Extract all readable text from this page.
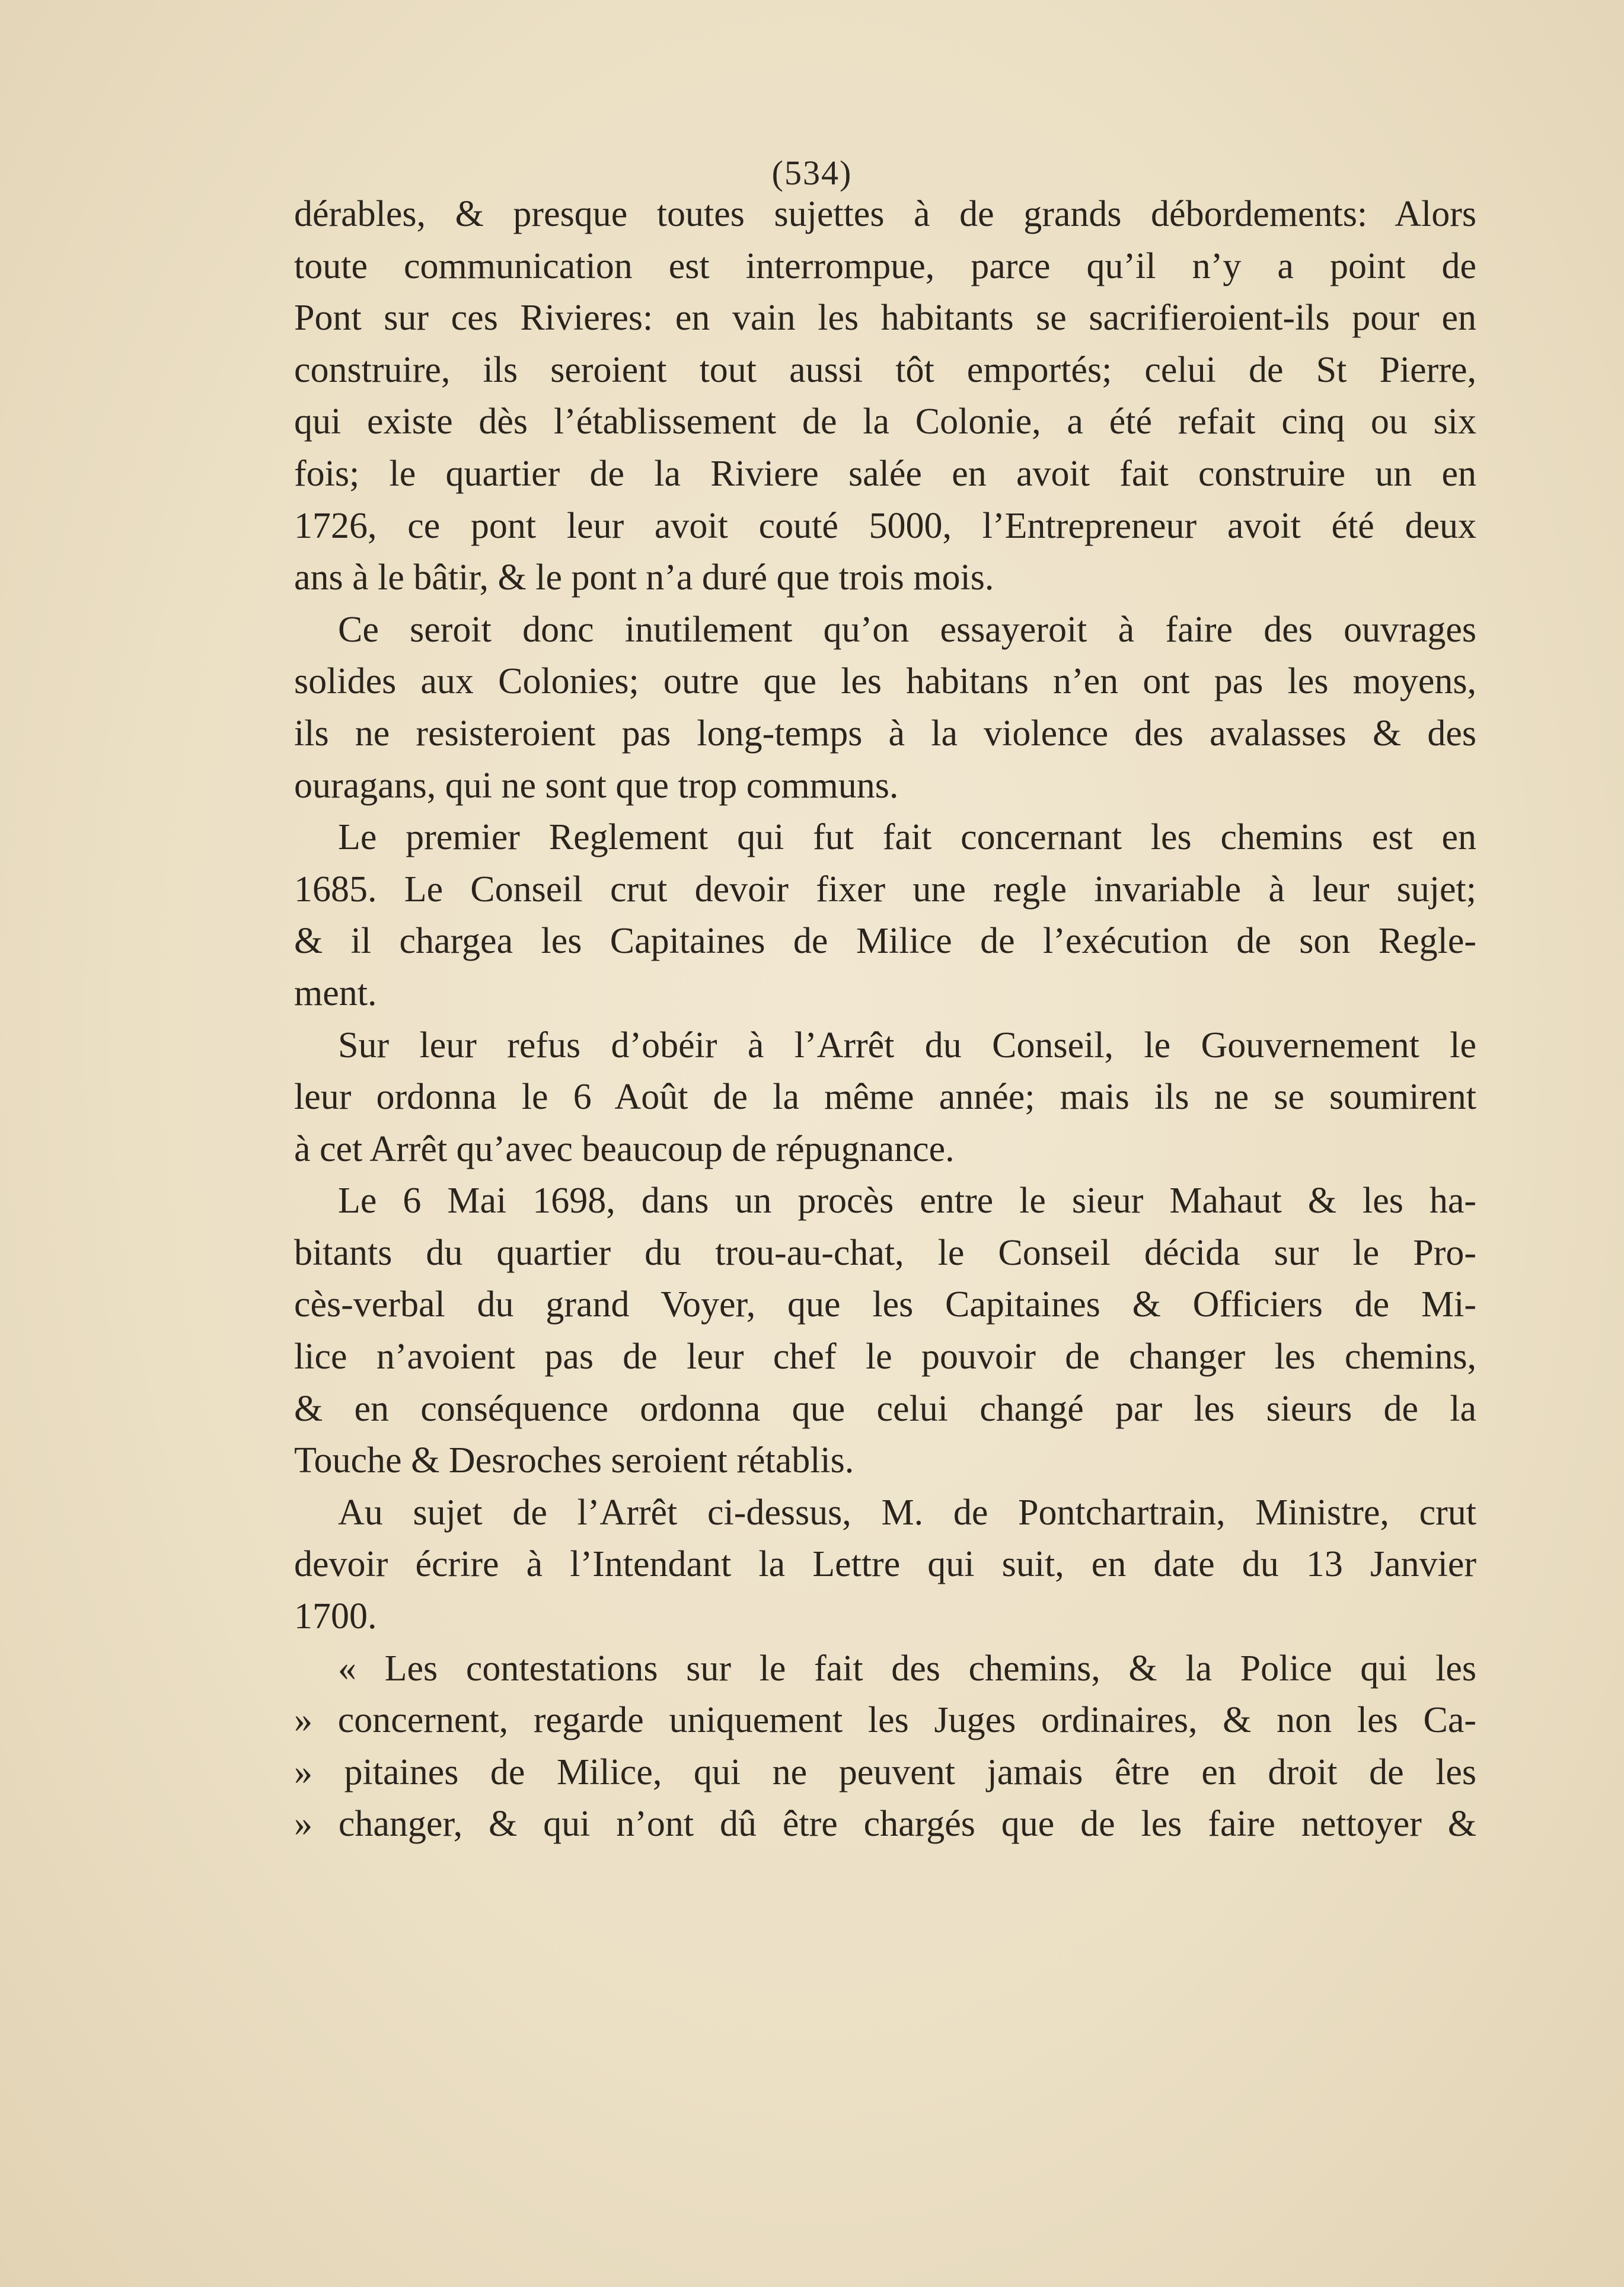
(534)
dérables, & presque toutes sujettes à de grands débordements: Alors
toute communication est interrompue, parce qu’il n’y a point de
Pont sur ces Rivieres: en vain les habitants se sacrifieroient-ils pour en
construire, ils seroient tout aussi tôt emportés; celui de St Pierre,
qui existe dès l’établissement de la Colonie, a été refait cinq ou six
fois; le quartier de la Riviere salée en avoit fait construire un en
1726, ce pont leur avoit couté 5000, l’Entrepreneur avoit été deux
ans à le bâtir, & le pont n’a duré que trois mois.
Ce seroit donc inutilement qu’on essayeroit à faire des ouvrages
solides aux Colonies; outre que les habitans n’en ont pas les moyens,
ils ne resisteroient pas long-temps à la violence des avalasses & des
ouragans, qui ne sont que trop communs.
Le premier Reglement qui fut fait concernant les chemins est en
1685. Le Conseil crut devoir fixer une regle invariable à leur sujet;
& il chargea les Capitaines de Milice de l’exécution de son Regle-
ment.
Sur leur refus d’obéir à l’Arrêt du Conseil, le Gouvernement le
leur ordonna le 6 Août de la même année; mais ils ne se soumirent
à cet Arrêt qu’avec beaucoup de répugnance.
Le 6 Mai 1698, dans un procès entre le sieur Mahaut & les ha-
bitants du quartier du trou-au-chat, le Conseil décida sur le Pro-
cès-verbal du grand Voyer, que les Capitaines & Officiers de Mi-
lice n’avoient pas de leur chef le pouvoir de changer les chemins,
& en conséquence ordonna que celui changé par les sieurs de la
Touche & Desroches seroient rétablis.
Au sujet de l’Arrêt ci-dessus, M. de Pontchartrain, Ministre, crut
devoir écrire à l’Intendant la Lettre qui suit, en date du 13 Janvier
1700.
« Les contestations sur le fait des chemins, & la Police qui les
» concernent, regarde uniquement les Juges ordinaires, & non les Ca-
» pitaines de Milice, qui ne peuvent jamais être en droit de les
» changer, & qui n’ont dû être chargés que de les faire nettoyer &
